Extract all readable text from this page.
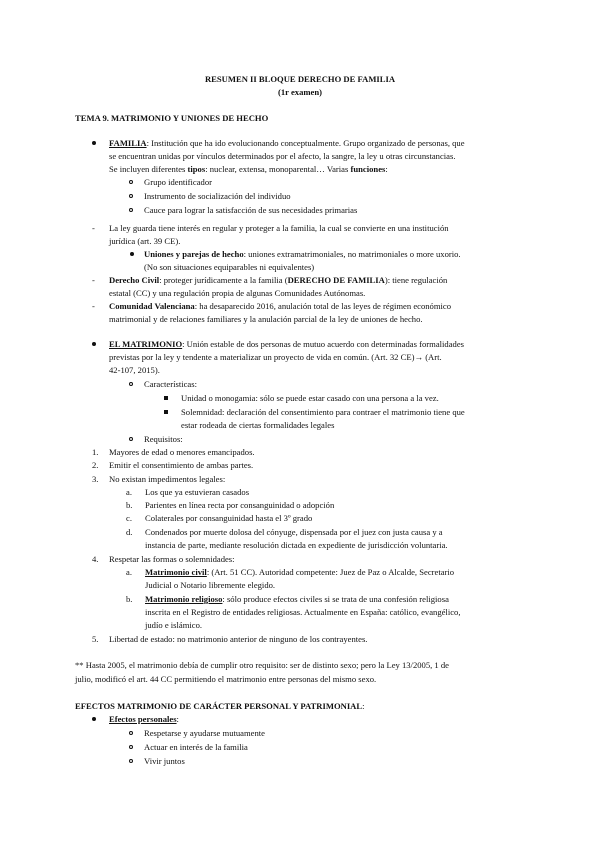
RESUMEN II BLOQUE DERECHO DE FAMILIA
(1r examen)
TEMA 9. MATRIMONIO Y UNIONES DE HECHO
FAMILIA: Institución que ha ido evolucionando conceptualmente. Grupo organizado de personas, que
se encuentran unidas por vínculos determinados por el afecto, la sangre, la ley u otras circunstancias.
Se incluyen diferentes tipos: nuclear, extensa, monoparental… Varias funciones:
Grupo identificador
Instrumento de socialización del individuo
Cauce para lograr la satisfacción de sus necesidades primarias
- La ley guarda tiene interés en regular y proteger a la familia, la cual se convierte en una institución
jurídica (art. 39 CE).
Uniones y parejas de hecho: uniones extramatrimoniales, no matrimoniales o more uxorio.
(No son situaciones equiparables ni equivalentes)
- Derecho Civil: proteger jurídicamente a la familia (DERECHO DE FAMILIA): tiene regulación
estatal (CC) y una regulación propia de algunas Comunidades Autónomas.
- Comunidad Valenciana: ha desaparecido 2016, anulación total de las leyes de régimen económico
matrimonial y de relaciones familiares y la anulación parcial de la ley de uniones de hecho.
EL MATRIMONIO: Unión estable de dos personas de mutuo acuerdo con determinadas formalidades
previstas por la ley y tendente a materializar un proyecto de vida en común. (Art. 32 CE)→ (Art.
42-107, 2015).
Características:
Unidad o monogamia: sólo se puede estar casado con una persona a la vez.
Solemnidad: declaración del consentimiento para contraer el matrimonio tiene que
estar rodeada de ciertas formalidades legales
Requisitos:
1. Mayores de edad o menores emancipados.
2. Emitir el consentimiento de ambas partes.
3. No existan impedimentos legales:
a. Los que ya estuvieran casados
b. Parientes en línea recta por consanguinidad o adopción
c. Colaterales por consanguinidad hasta el 3º grado
d. Condenados por muerte dolosa del cónyuge, dispensada por el juez con justa causa y a
instancia de parte, mediante resolución dictada en expediente de jurisdicción voluntaria.
4. Respetar las formas o solemnidades:
a. Matrimonio civil: (Art. 51 CC). Autoridad competente: Juez de Paz o Alcalde, Secretario
Judicial o Notario libremente elegido.
b. Matrimonio religioso: sólo produce efectos civiles si se trata de una confesión religiosa
inscrita en el Registro de entidades religiosas. Actualmente en España: católico, evangélico,
judío e islámico.
5. Libertad de estado: no matrimonio anterior de ninguno de los contrayentes.
** Hasta 2005, el matrimonio debía de cumplir otro requisito: ser de distinto sexo; pero la Ley 13/2005, 1 de
julio, modificó el art. 44 CC permitiendo el matrimonio entre personas del mismo sexo.
EFECTOS MATRIMONIO DE CARÁCTER PERSONAL Y PATRIMONIAL:
Efectos personales:
Respetarse y ayudarse mutuamente
Actuar en interés de la familia
Vivir juntos
